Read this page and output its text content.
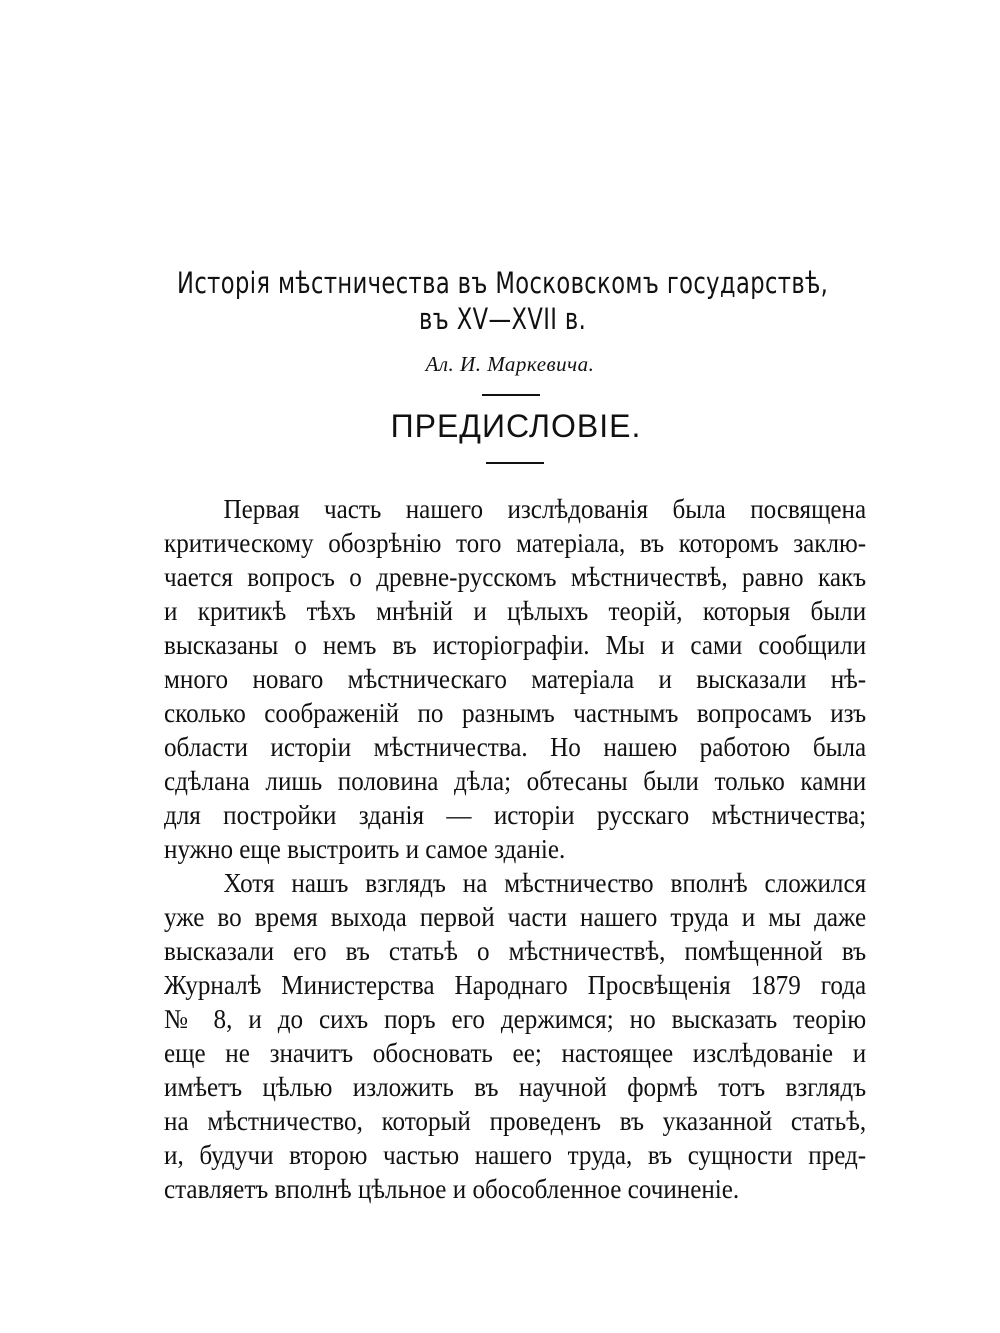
Исторія мѣстничества въ Московскомъ государствѣ,
въ XV—XVII в.
Ал. И. Маркевича.
ПРЕДИСЛОВІЕ.
Первая часть нашего изслѣдованія была посвящена
критическому обозрѣнію того матеріала, въ которомъ заклю-
чается вопросъ о древне-русскомъ мѣстничествѣ, равно какъ
и критикѣ тѣхъ мнѣній и цѣлыхъ теорій, которыя были
высказаны о немъ въ исторіографіи. Мы и сами сообщили
много новаго мѣстническаго матеріала и высказали нѣ-
сколько соображеній по разнымъ частнымъ вопросамъ изъ
области исторіи мѣстничества. Но нашею работою была
сдѣлана лишь половина дѣла; обтесаны были только камни
для постройки зданія — исторіи русскаго мѣстничества;
нужно еще выстроить и самое зданіе.
Хотя нашъ взглядъ на мѣстничество вполнѣ сложился
уже во время выхода первой части нашего труда и мы даже
высказали его въ статьѣ о мѣстничествѣ, помѣщенной въ
Журналѣ Министерства Народнаго Просвѣщенія 1879 года
№ 8, и до сихъ поръ его держимся; но высказать теорію
еще не значитъ обосновать ее; настоящее изслѣдованіе и
имѣетъ цѣлью изложить въ научной формѣ тотъ взглядъ
на мѣстничество, который проведенъ въ указанной статьѣ,
и, будучи второю частью нашего труда, въ сущности пред-
ставляетъ вполнѣ цѣльное и обособленное сочиненіе.
